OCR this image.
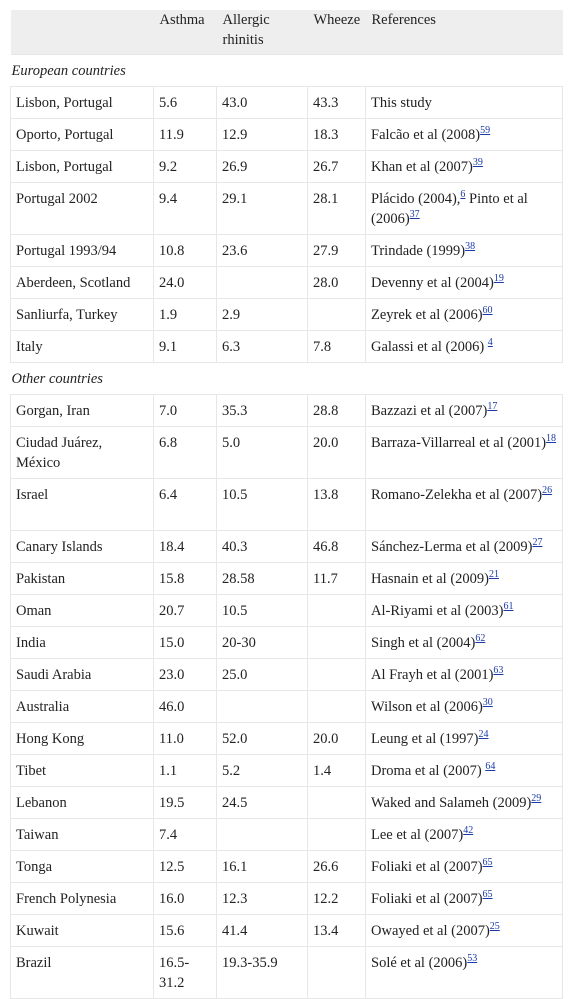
	Asthma	Allergic rhinitis	Wheeze	References
European countries				
Lisbon, Portugal	5.6	43.0	43.3	This study
Oporto, Portugal	11.9	12.9	18.3	Falcão et al $(2008)^{59}$
Lisbon, Portugal	9.2	26.9	26.7	Khan et al $(2007)^{39}$
Portugal 2002	9.4	29.1	28.1	Plácido (2004),$^6$ Pinto et al $(2006)^{37}$
Portugal 1993/94	10.8	23.6	27.9	Trindade $(1999)^{38}$
Aberdeen, Scotland	24.0		28.0	Devenny et al $(2004)^{19}$
Sanliurfa, Turkey	1.9	2.9		Zeyrek et al $(2006)^{60}$
Italy	9.1	6.3	7.8	Galassi et al (2006) $^4$
Other countries				
Gorgan, Iran	7.0	35.3	28.8	Bazzazi et al $(2007)^{17}$
Ciudad Juárez, México	6.8	5.0	20.0	Barraza-Villarreal et al $(2001)^{18}$
Israel	6.4	10.5	13.8	Romano-Zelekha et al $(2007)^{26}$
Canary Islands	18.4	40.3	46.8	Sánchez-Lerma et al $(2009)^{27}$
Pakistan	15.8	28.58	11.7	Hasnain et al $(2009)^{21}$
Oman	20.7	10.5		Al-Riyami et al $(2003)^{61}$
India	15.0	20-30		Singh et al $(2004)^{62}$
Saudi Arabia	23.0	25.0		Al Frayh et al $(2001)^{63}$
Australia	46.0			Wilson et al $(2006)^{30}$
Hong Kong	11.0	52.0	20.0	Leung et al $(1997)^{24}$
Tibet	1.1	5.2	1.4	Droma et al (2007) $^{64}$
Lebanon	19.5	24.5		Waked and Salameh $(2009)^{29}$
Taiwan	7.4			Lee et al $(2007)^{42}$
Tonga	12.5	16.1	26.6	Foliaki et al $(2007)^{65}$
French Polynesia	16.0	12.3	12.2	Foliaki et al $(2007)^{65}$
Kuwait	15.6	41.4	13.4	Owayed et al $(2007)^{25}$
Brazil	16.5-31.2	19.3-35.9		Solé et al $(2006)^{53}$
